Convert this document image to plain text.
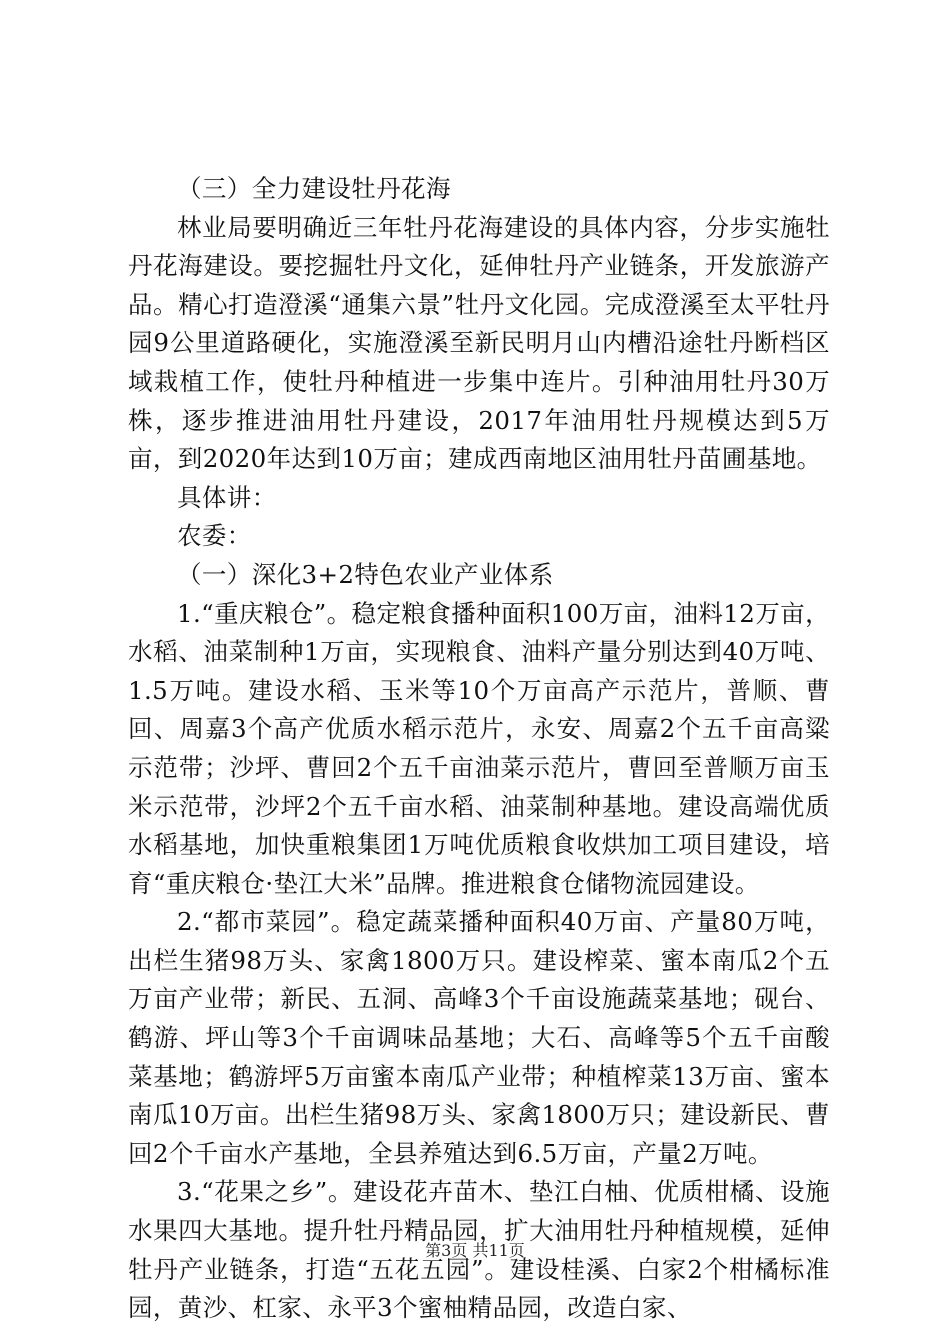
（三）全力建设牡丹花海

林业局要明确近三年牡丹花海建设的具体内容，分步实施牡丹花海建设。要挖掘牡丹文化，延伸牡丹产业链条，开发旅游产品。精心打造澄溪“通集六景”牡丹文化园。完成澄溪至太平牡丹园9公里道路硬化，实施澄溪至新民明月山内槽沿途牡丹断档区域栽植工作，使牡丹种植进一步集中连片。引种油用牡丹30万株，逐步推进油用牡丹建设，2017年油用牡丹规模达到5万亩，到2020年达到10万亩；建成西南地区油用牡丹苗圃基地。

具体讲：

农委：

（一）深化3+2特色农业产业体系

1.“重庆粮仓”。稳定粮食播种面积100万亩，油料12万亩，水稻、油菜制种1万亩，实现粮食、油料产量分别达到40万吨、1.5万吨。建设水稻、玉米等10个万亩高产示范片，普顺、曹回、周嘉3个高产优质水稻示范片，永安、周嘉2个五千亩高粱示范带；沙坪、曹回2个五千亩油菜示范片，曹回至普顺万亩玉米示范带，沙坪2个五千亩水稻、油菜制种基地。建设高端优质水稻基地，加快重粮集团1万吨优质粮食收烘加工项目建设，培育“重庆粮仓·垫江大米”品牌。推进粮食仓储物流园建设。

2.“都市菜园”。稳定蔬菜播种面积40万亩、产量80万吨，出栏生猪98万头、家禽1800万只。建设榨菜、蜜本南瓜2个五万亩产业带；新民、五洞、高峰3个千亩设施蔬菜基地；砚台、鹤游、坪山等3个千亩调味品基地；大石、高峰等5个五千亩酸菜基地；鹤游坪5万亩蜜本南瓜产业带；种植榨菜13万亩、蜜本南瓜10万亩。出栏生猪98万头、家禽1800万只；建设新民、曹回2个千亩水产基地，全县养殖达到6.5万亩，产量2万吨。

3.“花果之乡”。建设花卉苗木、垫江白柚、优质柑橘、设施水果四大基地。提升牡丹精品园，扩大油用牡丹种植规模，延伸牡丹产业链条，打造“五花五园”。建设桂溪、白家2个柑橘标准园，黄沙、杠家、永平3个蜜柚精品园，改造白家、

第3页 共11页
